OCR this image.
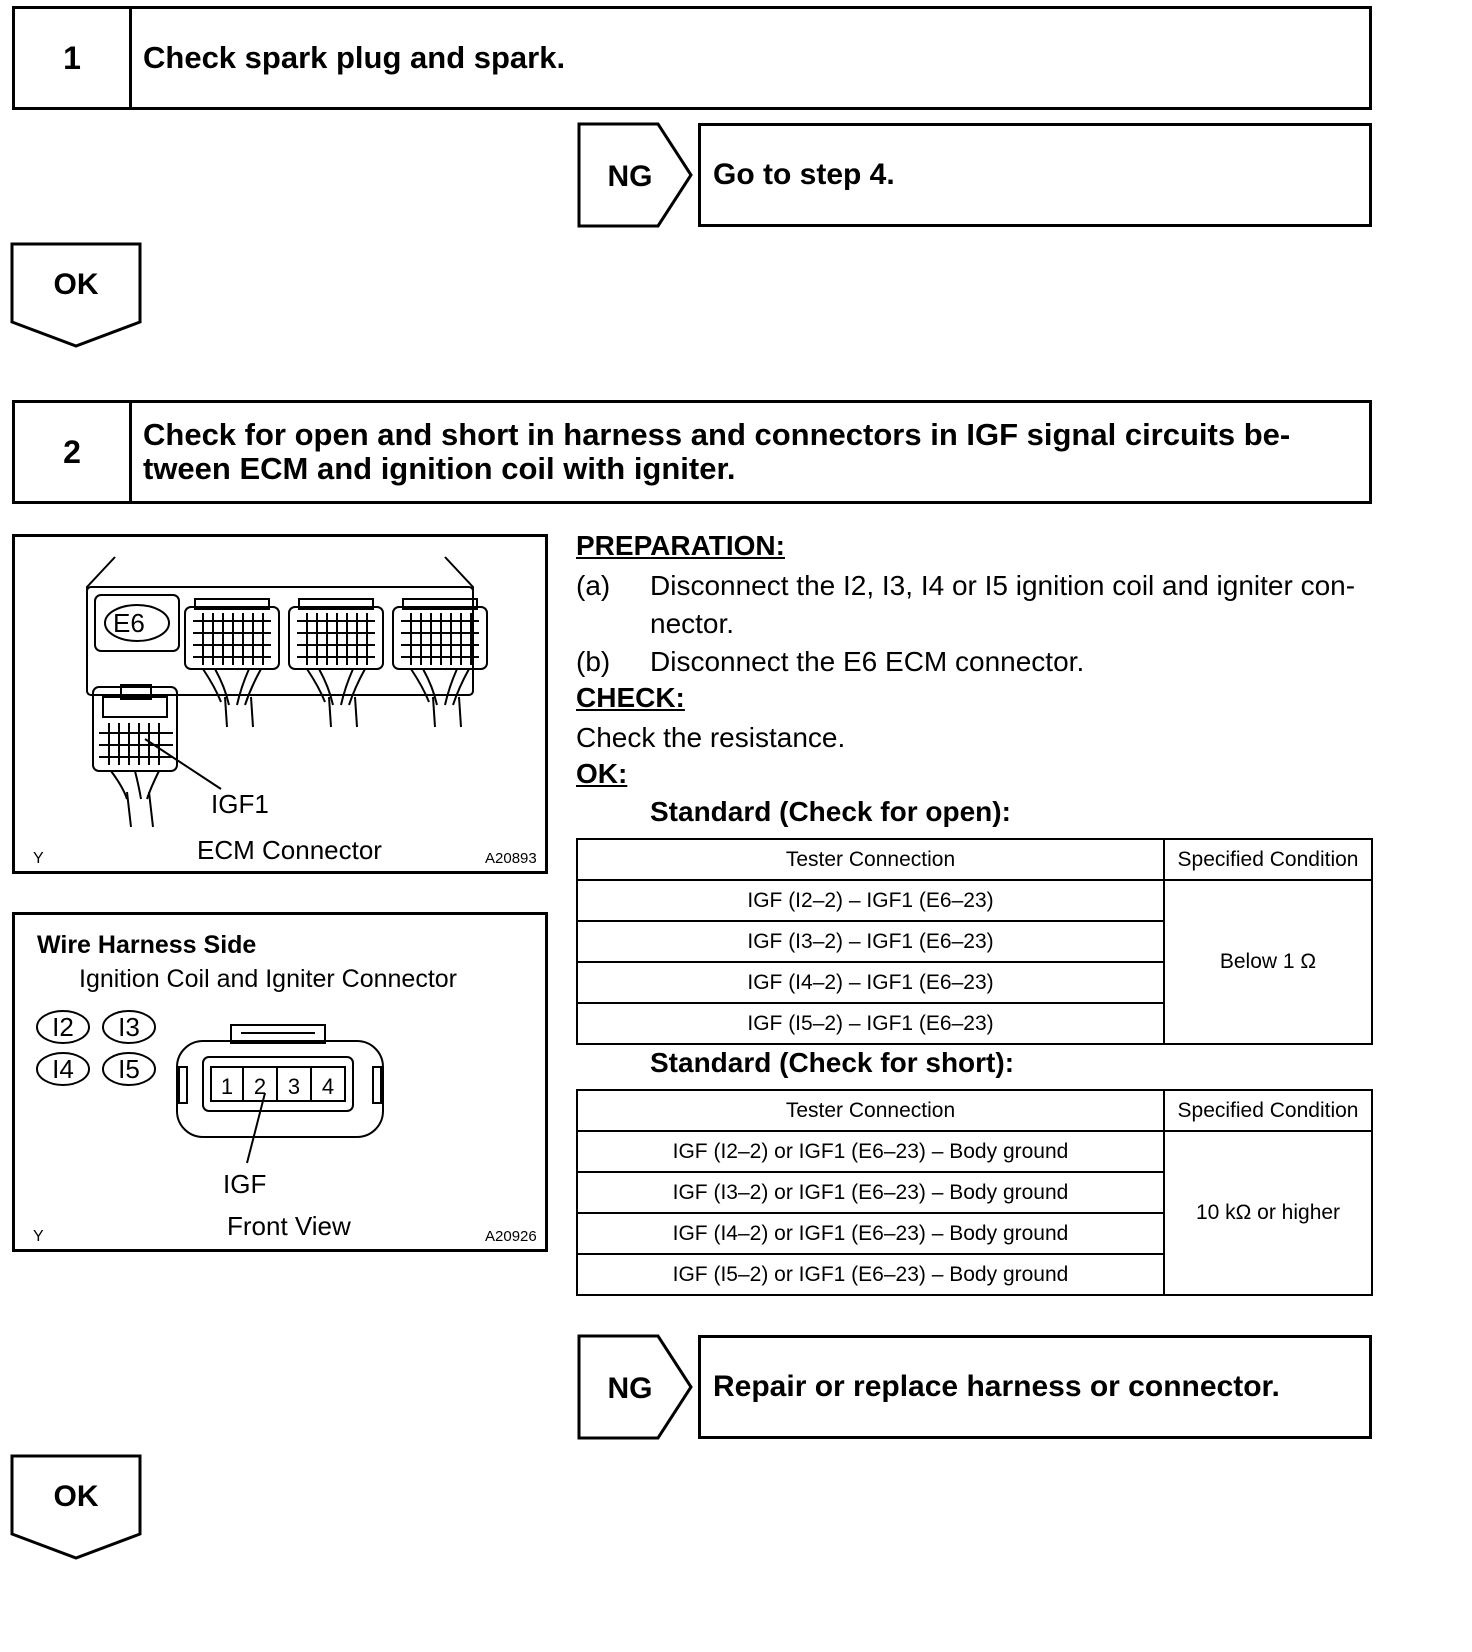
1	Check spark plug and spark.
NG	Go to step 4.
OK
2	Check for open and short in harness and connectors in IGF signal circuits be-
tween ECM and ignition coil with igniter.
E6
IGF1
ECM Connector
Y	A20893
Wire Harness Side
Ignition Coil and Igniter Connector
I2 I3
I4 I5
1 2 3 4
IGF
Front View
Y	A20926
PREPARATION:
(a) Disconnect the I2, I3, I4 or I5 ignition coil and igniter con-
nector.
(b) Disconnect the E6 ECM connector.
CHECK:
Check the resistance.
OK:
Standard (Check for open):
Tester Connection	Specified Condition
IGF (I2–2) – IGF1 (E6–23)	Below 1 Ω
IGF (I3–2) – IGF1 (E6–23)	
IGF (I4–2) – IGF1 (E6–23)	
IGF (I5–2) – IGF1 (E6–23)	
Standard (Check for short):
Tester Connection	Specified Condition
IGF (I2–2) or IGF1 (E6–23) – Body ground	10 kΩ or higher
IGF (I3–2) or IGF1 (E6–23) – Body ground	
IGF (I4–2) or IGF1 (E6–23) – Body ground	
IGF (I5–2) or IGF1 (E6–23) – Body ground	
NG	Repair or replace harness or connector.
OK
